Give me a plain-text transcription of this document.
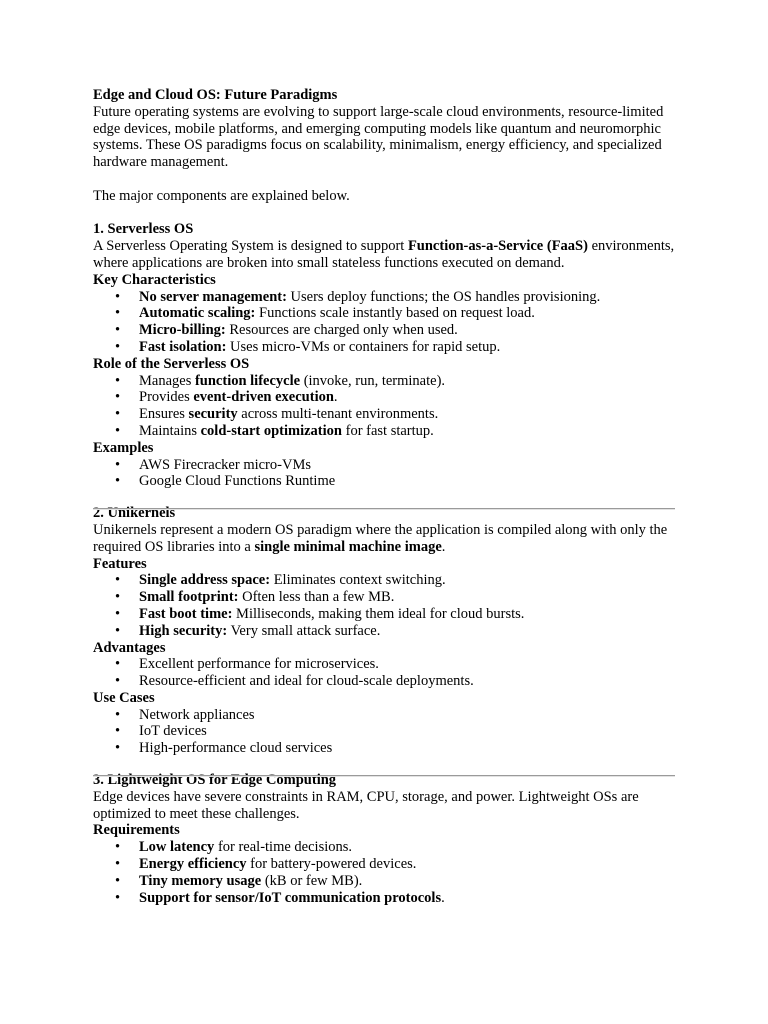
Edge and Cloud OS: Future Paradigms

Future operating systems are evolving to support large-scale cloud environments, resource-limited edge devices, mobile platforms, and emerging computing models like quantum and neuromorphic systems. These OS paradigms focus on scalability, minimalism, energy efficiency, and specialized hardware management.

The major components are explained below.

1. Serverless OS

A Serverless Operating System is designed to support Function-as-a-Service (FaaS) environments, where applications are broken into small stateless functions executed on demand.

Key Characteristics

• No server management: Users deploy functions; the OS handles provisioning.
• Automatic scaling: Functions scale instantly based on request load.
• Micro-billing: Resources are charged only when used.
• Fast isolation: Uses micro-VMs or containers for rapid setup.

Role of the Serverless OS

• Manages function lifecycle (invoke, run, terminate).
• Provides event-driven execution.
• Ensures security across multi-tenant environments.
• Maintains cold-start optimization for fast startup.

Examples

• AWS Firecracker micro-VMs
• Google Cloud Functions Runtime

2. Unikernels

Unikernels represent a modern OS paradigm where the application is compiled along with only the required OS libraries into a single minimal machine image.

Features

• Single address space: Eliminates context switching.
• Small footprint: Often less than a few MB.
• Fast boot time: Milliseconds, making them ideal for cloud bursts.
• High security: Very small attack surface.

Advantages

• Excellent performance for microservices.
• Resource-efficient and ideal for cloud-scale deployments.

Use Cases

• Network appliances
• IoT devices
• High-performance cloud services

3. Lightweight OS for Edge Computing

Edge devices have severe constraints in RAM, CPU, storage, and power. Lightweight OSs are optimized to meet these challenges.

Requirements

• Low latency for real-time decisions.
• Energy efficiency for battery-powered devices.
• Tiny memory usage (kB or few MB).
• Support for sensor/IoT communication protocols.
